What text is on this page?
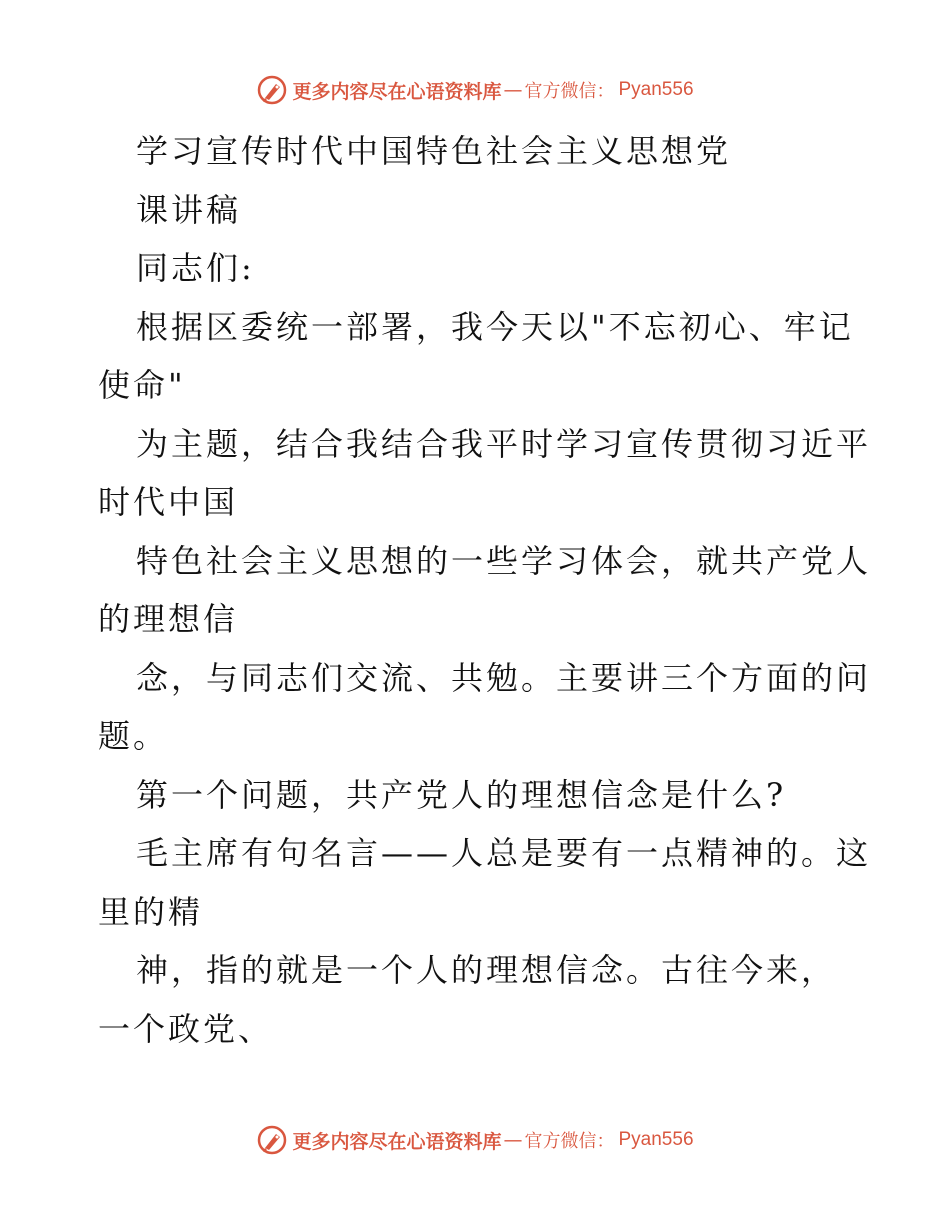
更多内容尽在心语资料库 — 官方微信： Pyan556
学习宣传时代中国特色社会主义思想党
课讲稿
同志们:
根据区委统一部署，我今天以"不忘初心、牢记
使命"
为主题，结合我结合我平时学习宣传贯彻习近平
时代中国
特色社会主义思想的一些学习体会，就共产党人
的理想信
念，与同志们交流、共勉。主要讲三个方面的问
题。
第一个问题，共产党人的理想信念是什么?
毛主席有句名言——人总是要有一点精神的。这
里的精
神，指的就是一个人的理想信念。古往今来，
一个政党、
更多内容尽在心语资料库 — 官方微信： Pyan556
